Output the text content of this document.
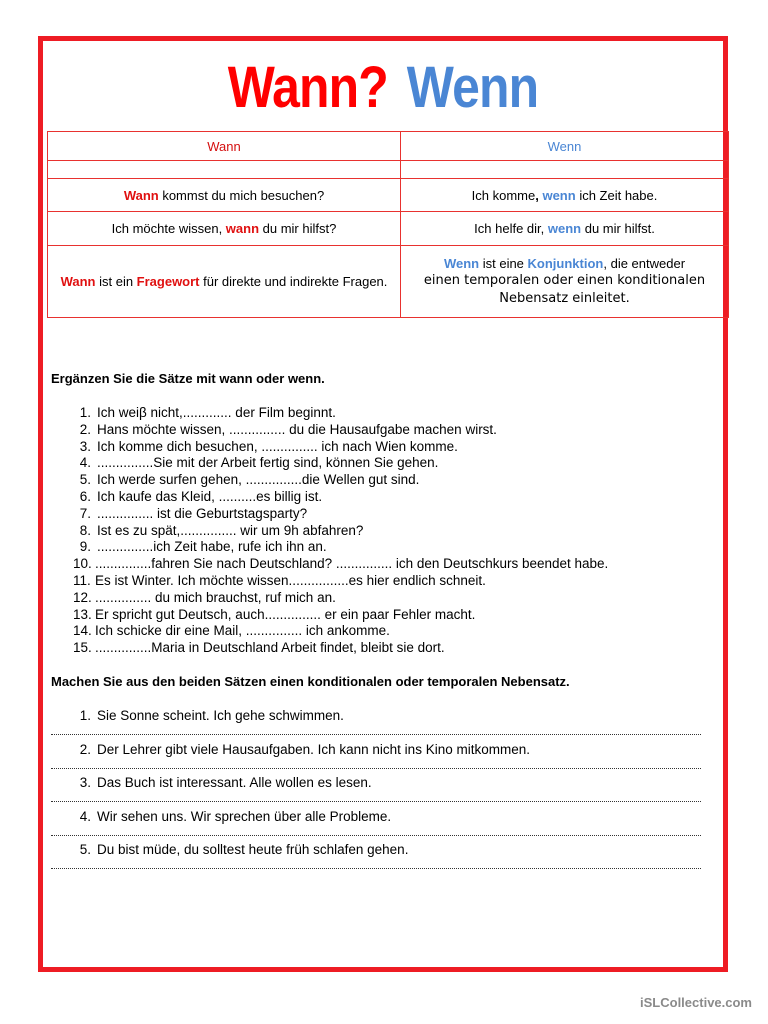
Wann? Wenn
Wann	Wenn

Wann kommst du mich besuchen?	Ich komme, wenn ich Zeit habe.
Ich möchte wissen, wann du mir hilfst?	Ich helfe dir, wenn du mir hilfst.
Wann ist ein Fragewort für direkte und indirekte Fragen.	Wenn ist eine Konjunktion, die entweder
einen temporalen oder einen konditionalen Nebensatz einleitet.
Ergänzen Sie die Sätze mit wann oder wenn.
1. Ich weiβ nicht,............. der Film beginnt.
2. Hans möchte wissen, ............... du die Hausaufgabe machen wirst.
3. Ich komme dich besuchen, ............... ich nach Wien komme.
4. ...............Sie mit der Arbeit fertig sind, können Sie gehen.
5. Ich werde surfen gehen, ...............die Wellen gut sind.
6. Ich kaufe das Kleid, ..........es billig ist.
7. ............... ist die Geburtstagsparty?
8. Ist es zu spät,............... wir um 9h abfahren?
9. ...............ich Zeit habe, rufe ich ihn an.
10. ...............fahren Sie nach Deutschland? ............... ich den Deutschkurs beendet habe.
11. Es ist Winter. Ich möchte wissen................es hier endlich schneit.
12. ............... du mich brauchst, ruf mich an.
13. Er spricht gut Deutsch, auch............... er ein paar Fehler macht.
14. Ich schicke dir eine Mail, ............... ich ankomme.
15. ...............Maria in Deutschland Arbeit findet, bleibt sie dort.
Machen Sie aus den beiden Sätzen einen konditionalen oder temporalen Nebensatz.
1. Sie Sonne scheint. Ich gehe schwimmen.
2. Der Lehrer gibt viele Hausaufgaben. Ich kann nicht ins Kino mitkommen.
3. Das Buch ist interessant. Alle wollen es lesen.
4. Wir sehen uns. Wir sprechen über alle Probleme.
5. Du bist müde, du solltest heute früh schlafen gehen.
iSLCollective.com
